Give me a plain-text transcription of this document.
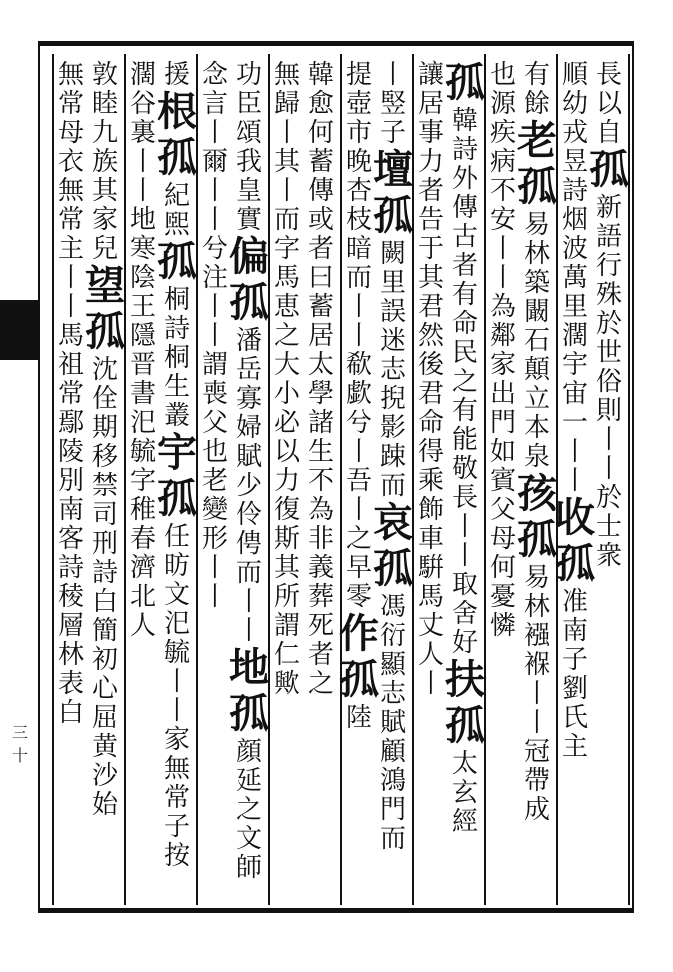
長
以
自
孤
新
語
行
殊
於
世
俗
則
丨
丨
於
士
衆
順
幼
戎
昱
詩
烟
波
萬
里
濶
宇
宙
一
丨
丨
收
孤
准
南
子
劉
氏
主
有
餘
老
孤
易
林
築
闞
石
顛
立
本
泉
孩
孤
易
林
襁
褓
丨
丨
冠
帶
成
也
源
疾
病
不
安
丨
丨
為
鄰
家
出
門
如
賓
父
母
何
憂
憐
孤
韓
詩
外
傳
古
者
有
命
民
之
有
能
敬
長
丨
丨
取
舍
好
扶
孤
太
玄
經
讓
居
事
力
者
告
于
其
君
然
後
君
命
得
乘
飾
車
騈
馬
丈
人
丨
丨
竪
子
壇
孤
闕
里
誤
迷
志
掜
影
踈
而
哀
孤
馮
衍
顯
志
賦
顧
鴻
門
而
提
壺
市
晚
杏
枝
暗
而
丨
丨
欷
歔
兮
丨
吾
丨
之
早
零
作
孤
陸
韓
愈
何
蓄
傳
或
者
曰
蓄
居
太
學
諸
生
不
為
非
義
葬
死
者
之
無
歸
丨
其
丨
而
字
馬
恵
之
大
小
必
以
力
復
斯
其
所
謂
仁
歟
功
臣
頌
我
皇
實
偏
孤
潘
岳
寡
婦
賦
少
伶
俜
而
丨
丨
地
孤
顔
延
之
文
師
念
言
丨
爾
丨
丨
兮
注
丨
丨
謂
喪
父
也
老
變
形
丨
丨
援
根
孤
紀
煕
孤
桐
詩
桐
生
叢
宇
孤
任
昉
文
汜
毓
丨
丨
家
無
常
子
按
濶
谷
裏
丨
丨
地
寒
陰
王
隱
晋
書
汜
毓
字
稚
春
濟
北
人
敦
睦
九
族
其
家
兒
望
孤
沈
佺
期
移
禁
司
刑
詩
白
簡
初
心
屈
黄
沙
始
無
常
母
衣
無
常
主
丨
丨
馬
祖
常
鄢
陵
別
南
客
詩
稜
層
林
表
白
三十
